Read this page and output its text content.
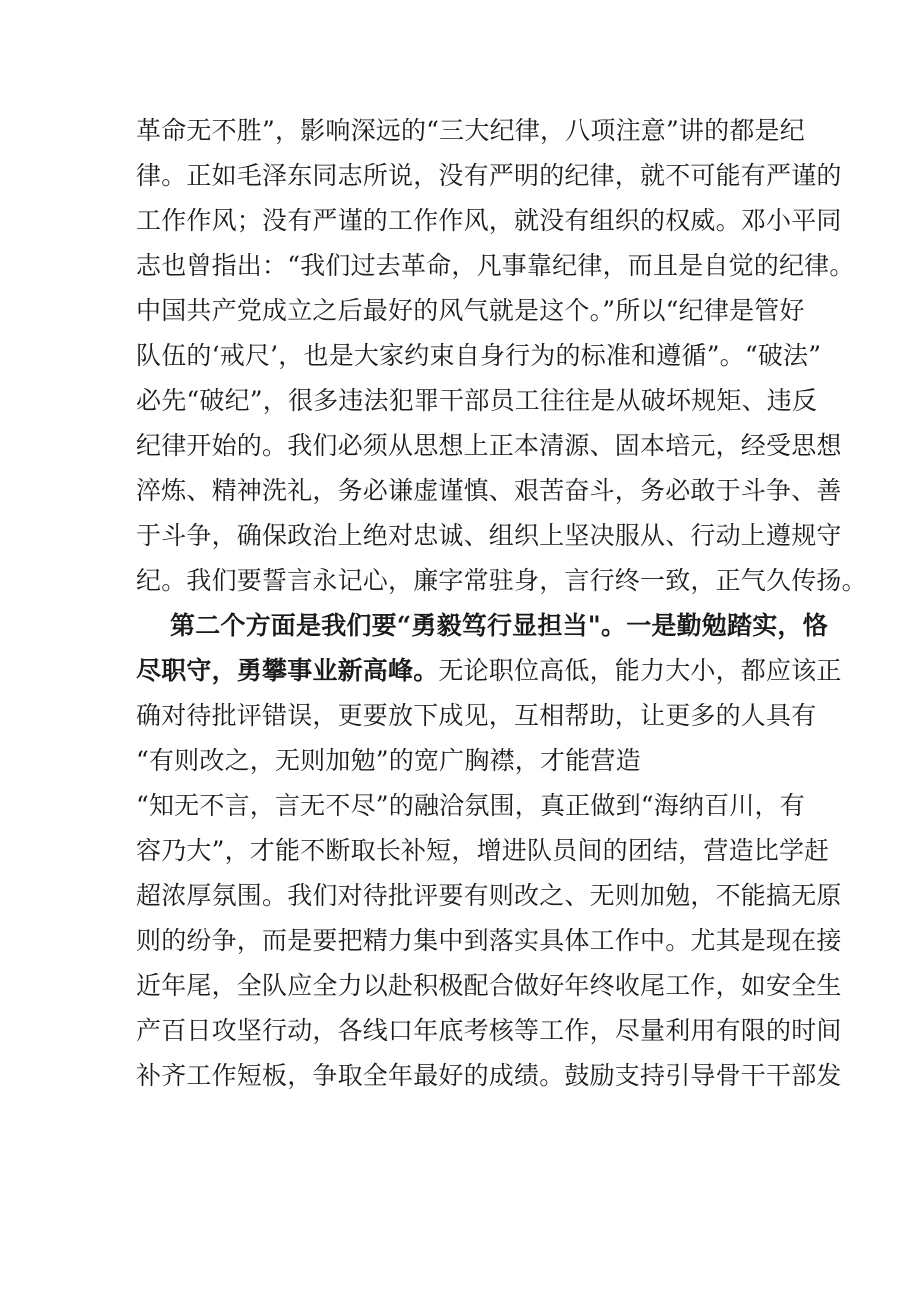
革命无不胜”，影响深远的“三大纪律，八项注意”讲的都是纪
律。正如毛泽东同志所说，没有严明的纪律，就不可能有严谨的
工作作风；没有严谨的工作作风，就没有组织的权威。邓小平同
志也曾指出：“我们过去革命，凡事靠纪律，而且是自觉的纪律。
中国共产党成立之后最好的风气就是这个。”所以“纪律是管好
队伍的‘戒尺’，也是大家约束自身行为的标准和遵循”。“破法”
必先“破纪”，很多违法犯罪干部员工往往是从破坏规矩、违反
纪律开始的。我们必须从思想上正本清源、固本培元，经受思想
淬炼、精神洗礼，务必谦虚谨慎、艰苦奋斗，务必敢于斗争、善
于斗争，确保政治上绝对忠诚、组织上坚决服从、行动上遵规守
纪。我们要誓言永记心，廉字常驻身，言行终一致，正气久传扬。
第二个方面是我们要“勇毅笃行显担当"。一是勤勉踏实，恪
尽职守，勇攀事业新高峰。无论职位高低，能力大小，都应该正
确对待批评错误，更要放下成见，互相帮助，让更多的人具有
“有则改之，无则加勉”的宽广胸襟，才能营造
“知无不言，言无不尽”的融洽氛围，真正做到“海纳百川，有
容乃大”，才能不断取长补短，增进队员间的团结，营造比学赶
超浓厚氛围。我们对待批评要有则改之、无则加勉，不能搞无原
则的纷争，而是要把精力集中到落实具体工作中。尤其是现在接
近年尾，全队应全力以赴积极配合做好年终收尾工作，如安全生
产百日攻坚行动，各线口年底考核等工作，尽量利用有限的时间
补齐工作短板，争取全年最好的成绩。鼓励支持引导骨干干部发
